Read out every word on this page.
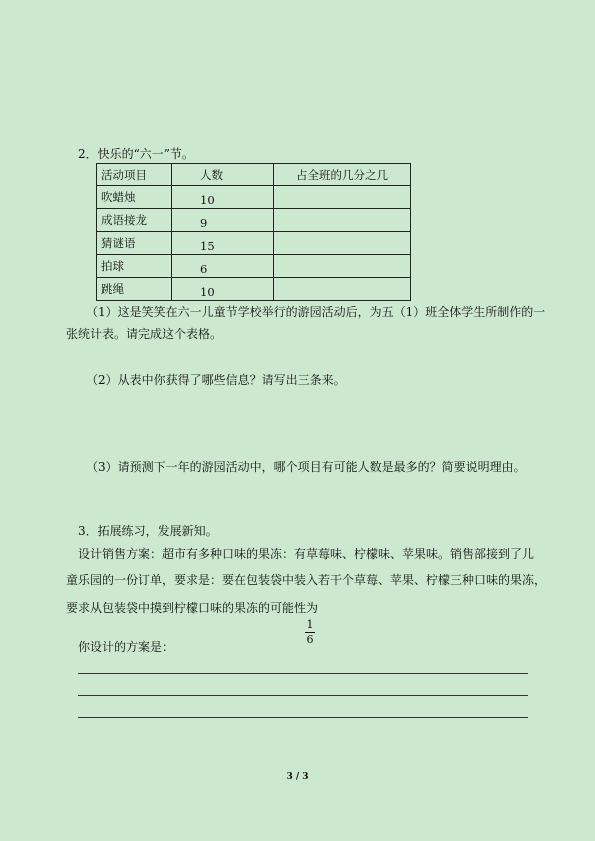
2．快乐的“六一”节。
活动项目	人数	占全班的几分之几
吹蜡烛	10	
成语接龙	9	
猜谜语	15	
拍球	6	
跳绳	10	
（1）这是笑笑在六一儿童节学校举行的游园活动后，为五（1）班全体学生所制作的一
张统计表。请完成这个表格。
（2）从表中你获得了哪些信息？请写出三条来。
（3）请预测下一年的游园活动中，哪个项目有可能人数是最多的？简要说明理由。
3．拓展练习，发展新知。
设计销售方案：超市有多种口味的果冻：有草莓味、柠檬味、苹果味。销售部接到了儿
童乐园的一份订单，要求是：要在包装袋中装入若干个草莓、苹果、柠檬三种口味的果冻，
要求从包装袋中摸到柠檬口味的果冻的可能性为
1
6
你设计的方案是：
3 / 3
